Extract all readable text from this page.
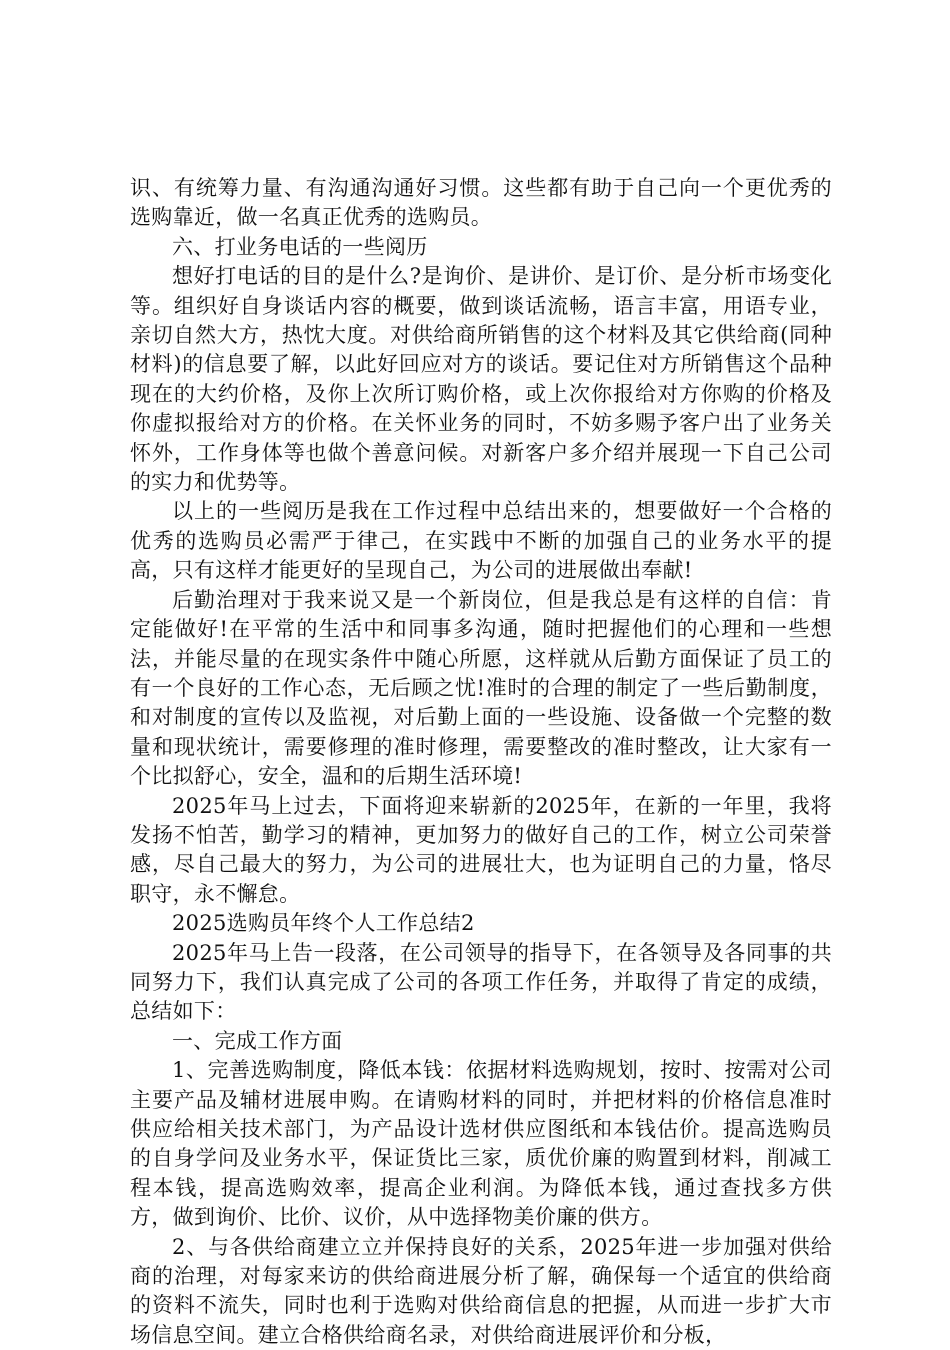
识、有统筹力量、有沟通沟通好习惯。这些都有助于自己向一个更优秀的选购靠近，做一名真正优秀的选购员。

六、打业务电话的一些阅历

想好打电话的目的是什么?是询价、是讲价、是订价、是分析市场变化等。组织好自身谈话内容的概要，做到谈话流畅，语言丰富，用语专业，亲切自然大方，热忱大度。对供给商所销售的这个材料及其它供给商(同种材料)的信息要了解，以此好回应对方的谈话。要记住对方所销售这个品种现在的大约价格，及你上次所订购价格，或上次你报给对方你购的价格及你虚拟报给对方的价格。在关怀业务的同时，不妨多赐予客户出了业务关怀外，工作身体等也做个善意问候。对新客户多介绍并展现一下自己公司的实力和优势等。

以上的一些阅历是我在工作过程中总结出来的，想要做好一个合格的优秀的选购员必需严于律己，在实践中不断的加强自己的业务水平的提高，只有这样才能更好的呈现自己，为公司的进展做出奉献!

后勤治理对于我来说又是一个新岗位，但是我总是有这样的自信：肯定能做好!在平常的生活中和同事多沟通，随时把握他们的心理和一些想法，并能尽量的在现实条件中随心所愿，这样就从后勤方面保证了员工的有一个良好的工作心态，无后顾之忧!准时的合理的制定了一些后勤制度，和对制度的宣传以及监视，对后勤上面的一些设施、设备做一个完整的数量和现状统计，需要修理的准时修理，需要整改的准时整改，让大家有一个比拟舒心，安全，温和的后期生活环境!

2025年马上过去，下面将迎来崭新的2025年，在新的一年里，我将发扬不怕苦，勤学习的精神，更加努力的做好自己的工作，树立公司荣誉感，尽自己最大的努力，为公司的进展壮大，也为证明自己的力量，恪尽职守，永不懈怠。

2025选购员年终个人工作总结2

2025年马上告一段落，在公司领导的指导下，在各领导及各同事的共同努力下，我们认真完成了公司的各项工作任务，并取得了肯定的成绩，总结如下：

一、完成工作方面

1、完善选购制度，降低本钱：依据材料选购规划，按时、按需对公司主要产品及辅材进展申购。在请购材料的同时，并把材料的价格信息准时供应给相关技术部门，为产品设计选材供应图纸和本钱估价。提高选购员的自身学问及业务水平，保证货比三家，质优价廉的购置到材料，削减工程本钱，提高选购效率，提高企业利润。为降低本钱，通过查找多方供方，做到询价、比价、议价，从中选择物美价廉的供方。

2、与各供给商建立立并保持良好的关系，2025年进一步加强对供给商的治理，对每家来访的供给商进展分析了解，确保每一个适宜的供给商的资料不流失，同时也利于选购对供给商信息的把握，从而进一步扩大市场信息空间。建立合格供给商名录，对供给商进展评价和分板，
